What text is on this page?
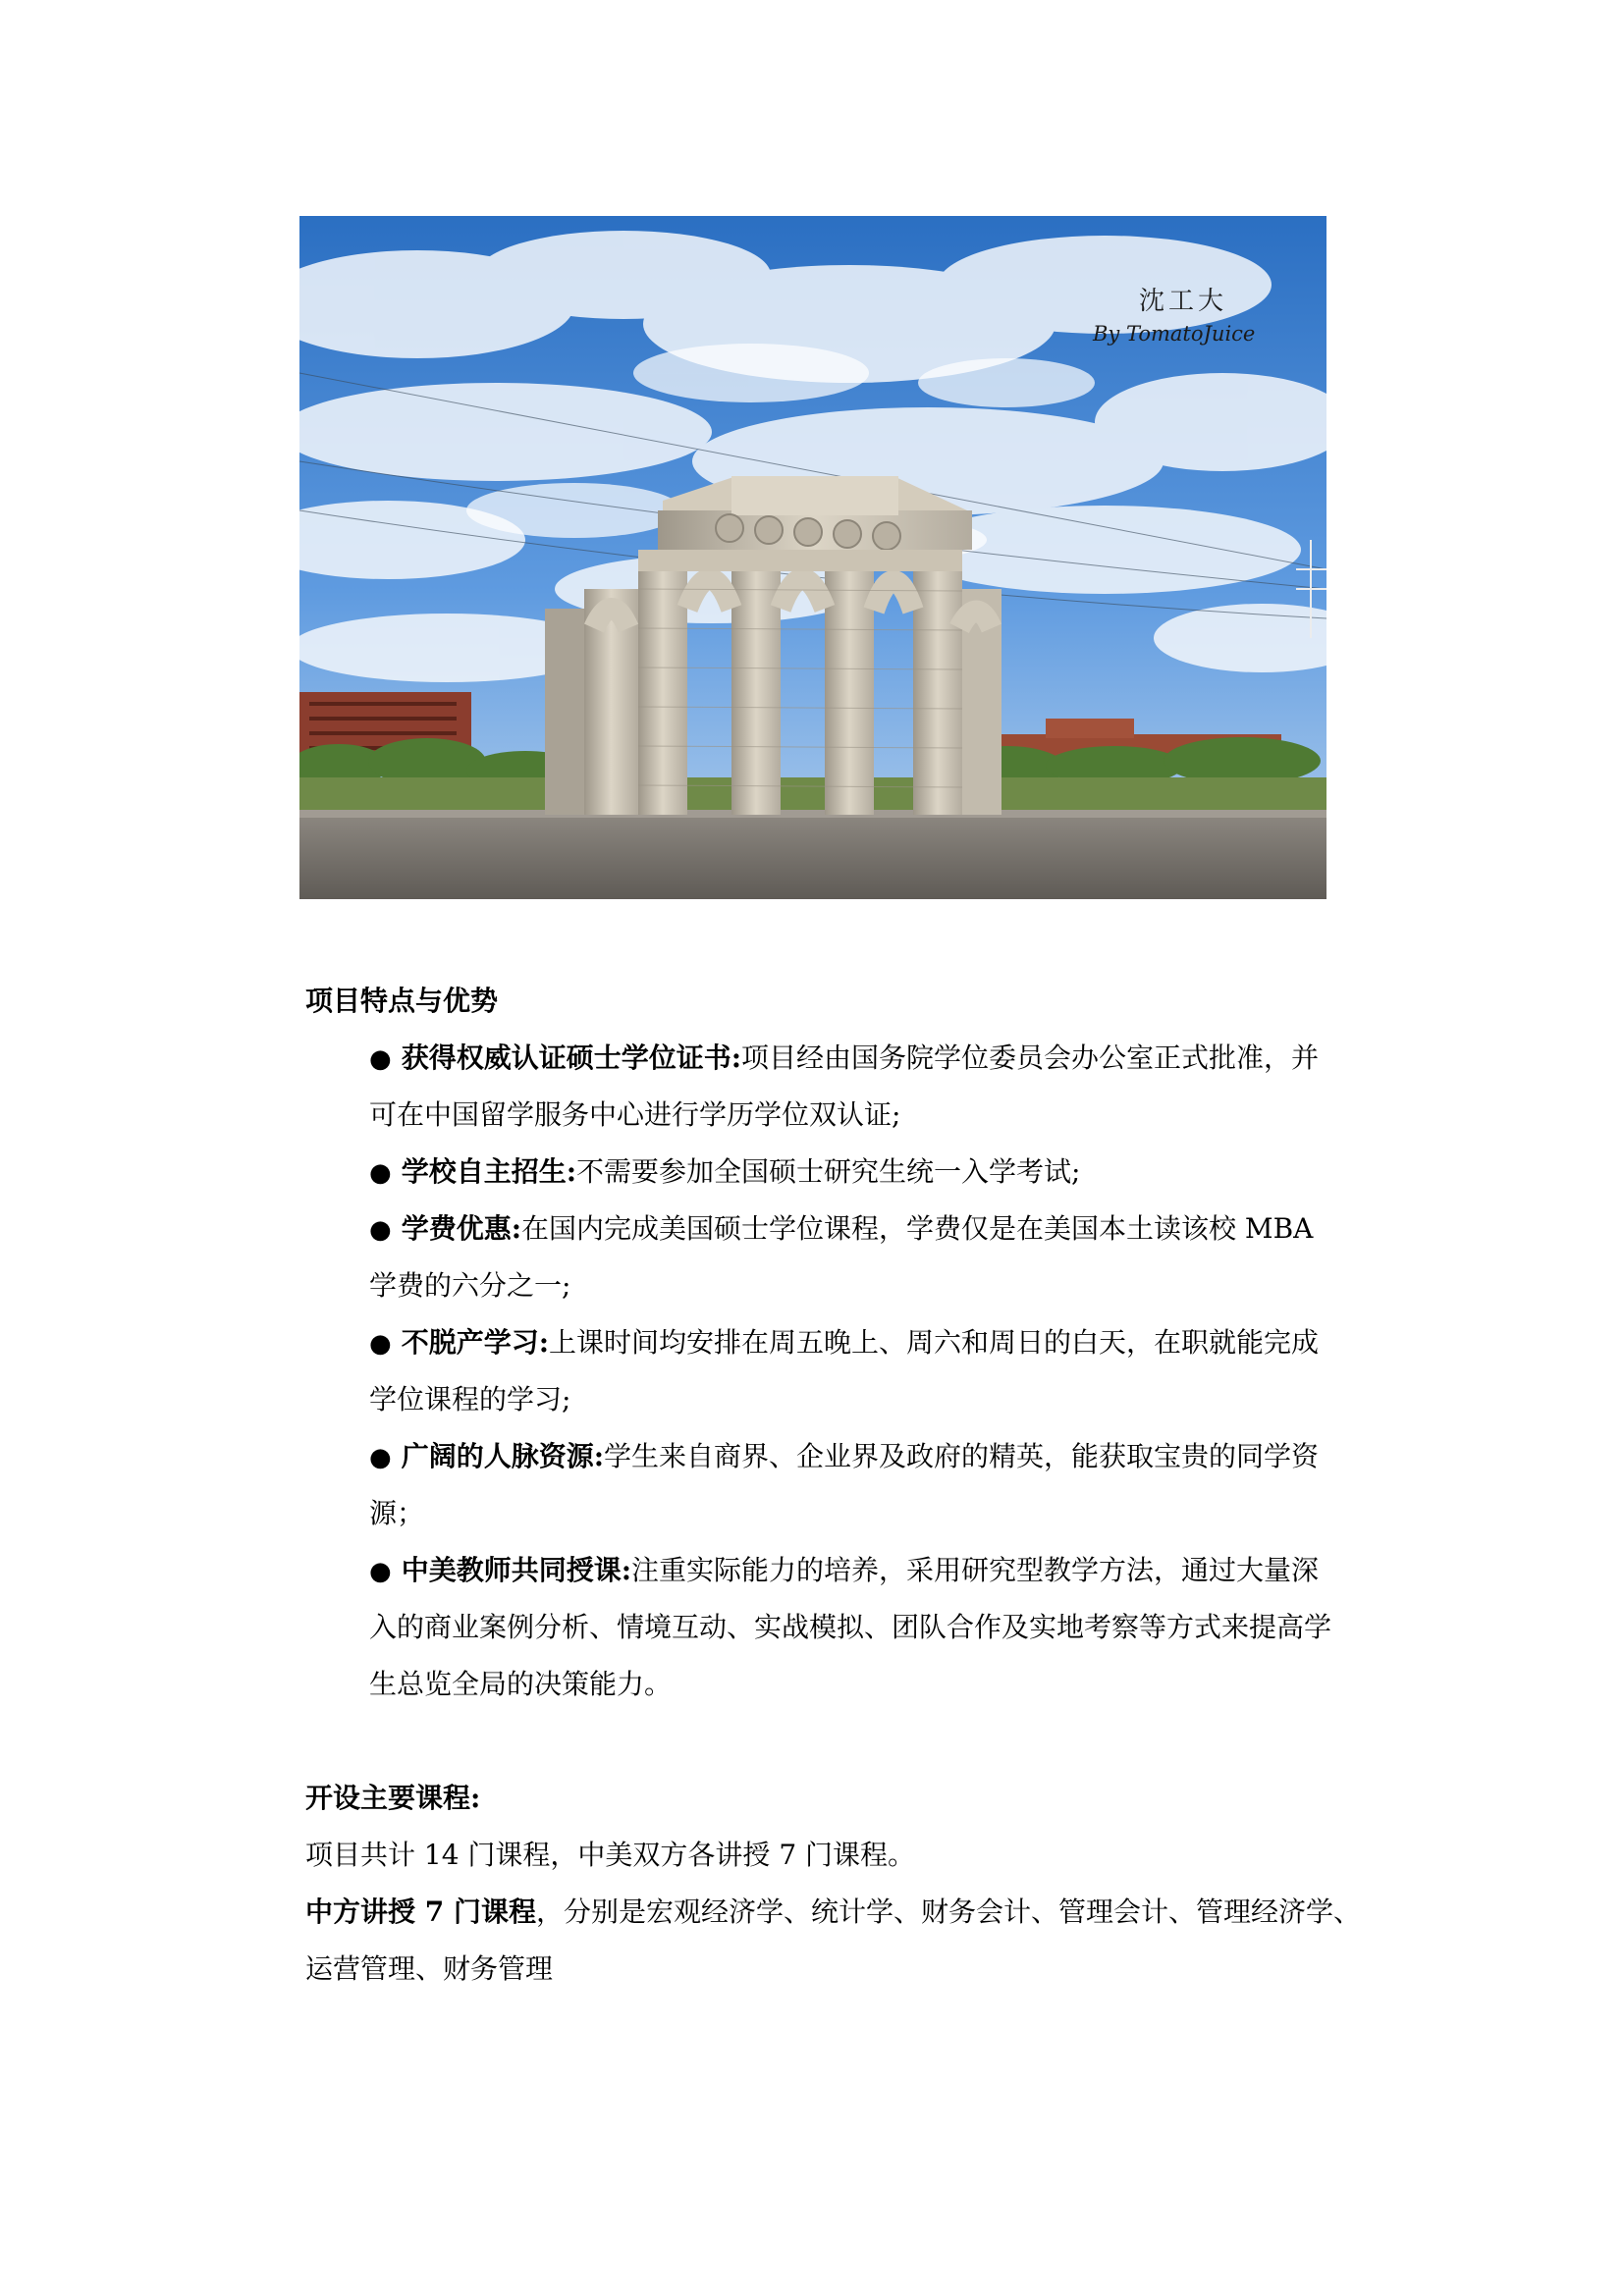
沈工大
By TomatoJuice
项目特点与优势
● 获得权威认证硕士学位证书:项目经由国务院学位委员会办公室正式批准，并
可在中国留学服务中心进行学历学位双认证;
● 学校自主招生:不需要参加全国硕士研究生统一入学考试;
● 学费优惠:在国内完成美国硕士学位课程，学费仅是在美国本土读该校 MBA
学费的六分之一;
● 不脱产学习:上课时间均安排在周五晚上、周六和周日的白天，在职就能完成
学位课程的学习;
● 广阔的人脉资源:学生来自商界、企业界及政府的精英，能获取宝贵的同学资
源；
● 中美教师共同授课:注重实际能力的培养，采用研究型教学方法，通过大量深
入的商业案例分析、情境互动、实战模拟、团队合作及实地考察等方式来提高学
生总览全局的决策能力。
开设主要课程:
项目共计 14 门课程，中美双方各讲授 7 门课程。
中方讲授 7 门课程，分别是宏观经济学、统计学、财务会计、管理会计、管理经济学、
运营管理、财务管理
